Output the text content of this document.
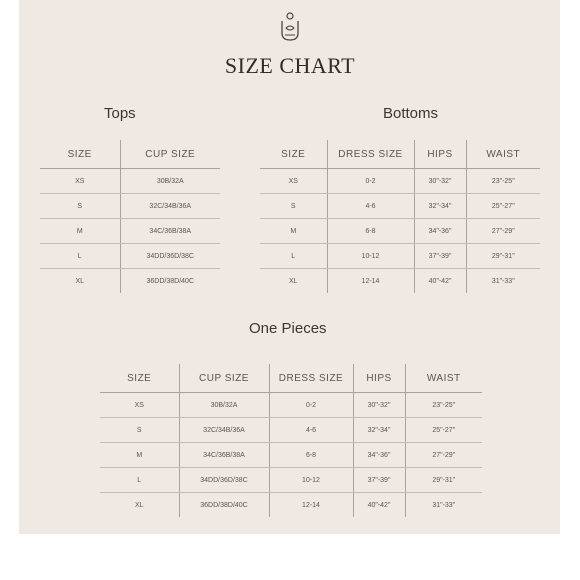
SIZE CHART
Tops	Bottoms
One Pieces
SIZE	CUP SIZE
XS	30B/32A
S	32C/34B/36A
M	34C/36B/38A
L	34DD/36D/38C
XL	36DD/38D/40C
SIZE	DRESS SIZE	HIPS	WAIST
XS	0-2	30"-32"	23"-25"
S	4-6	32"-34"	25"-27"
M	6-8	34"-36"	27"-29"
L	10-12	37"-39"	29"-31"
XL	12-14	40"-42"	31"-33"
SIZE	CUP SIZE	DRESS SIZE	HIPS	WAIST
XS	30B/32A	0-2	30"-32"	23"-25"
S	32C/34B/36A	4-6	32"-34"	25"-27"
M	34C/36B/38A	6-8	34"-36"	27"-29"
L	34DD/36D/38C	10-12	37"-39"	29"-31"
XL	36DD/38D/40C	12-14	40"-42"	31"-33"
